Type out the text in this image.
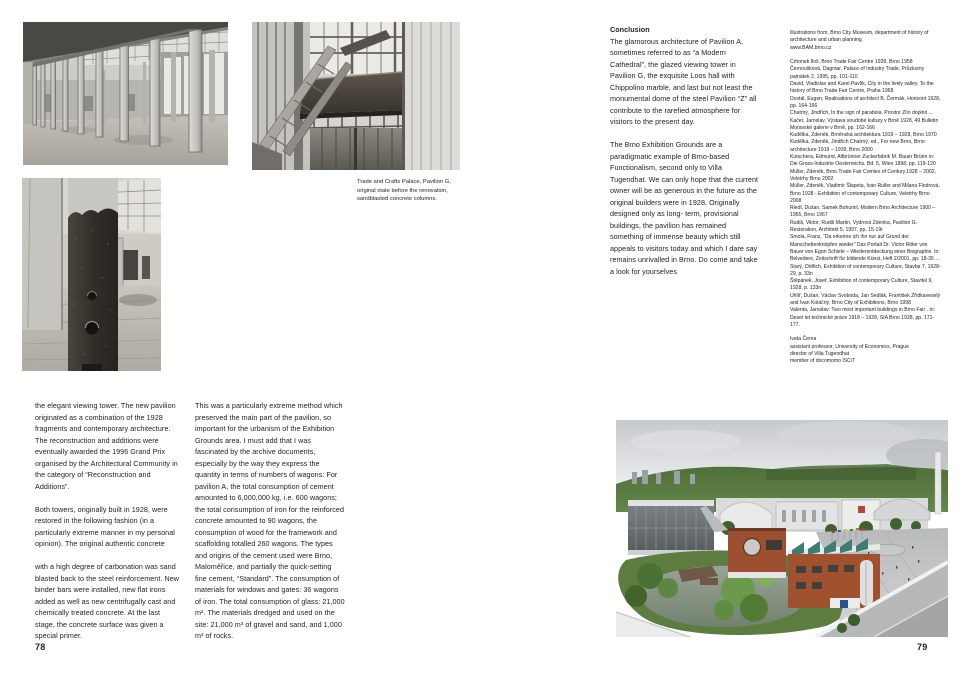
Trade and Crafts Palace, Pavilion G, original state before the renovation, sandblasted concrete columns.

the elegant viewing tower. The new pavilion originated as a combination of the 1928 fragments and contemporary architecture. The reconstruction and additions were eventually awarded the 1996 Grand Prix organised by the Architectural Community in the category of “Reconstruction and Additions”.

Both towers, originally built in 1928, were restored in the following fashion (in a particularly extreme manner in my personal opinion). The original authentic concrete

with a high degree of carbonation was sand blasted back to the steel reinforcement. New binder bars were installed, new flat irons added as well as new centrifugally cast and chemically treated concrete. At the last stage, the concrete surface was given a special primer.

This was a particularly extreme method which preserved the main part of the pavilion, so important for the urbanism of the Exhibition Grounds area. I must add that I was fascinated by the archive documents, especially by the way they express the quantity in terms of numbers of wagons: For pavilion A, the total consumption of cement amounted to 6,000,000 kg, i.e. 600 wagons; the total consumption of iron for the reinforced concrete amounted to 90 wagons, the consumption of wood for the framework and scaffolding totalled 260 wagons. The types and origins of the cement used were Brno, Maloměřice, and partially the quick-setting fine cement, “Standard”. The consumption of materials for windows and gates: 36 wagons of iron. The total consumption of glass: 21,000 m². The materials dredged and used on the site: 21,000 m³ of gravel and sand, and 1,000 m³ of rocks.

78

Conclusion

The glamorous architecture of Pavilion A, sometimes referred to as “a Modern Cathedral”, the glazed viewing tower in Pavilion G, the exquisite Loos hall with Chippolino marble, and last but not least the monumental dome of the steel Pavilion “Z” all contribute to the rarefied atmosphere for visitors to the present day.

The Brno Exhibition Grounds are a paradigmatic example of Brno-based Functionalism, second only to Villa Tugendhat. We can only hope that the current owner will be as generous in the future as the original builders were in 1928. Originally designed only as long- term, provisional buildings, the pavilion has remained something of immense beauty which still appeals to visitors today and which I dare say remains unrivalled in Brno. Do come and take a look for yourselves

Illustrations from, Brno City Museum, department of history of architecture and urban planning

www.BAM.brno.cz

Crhonek Iloš, Brno Trade Fair Centre 1928, Brno 1958

Černoušková, Dagmar, Palace of Industry Trade, Průzkumy památek 2, 1995, pp. 101-110

David, Vladislav and Karel Pavlík, City in the lively valley. To the history of Brno Trade Fair Centre, Praha 1968

Dostál, Eugen, Realisations of architect B. Čermák, Horizont 1928, pp. 164-166

Chatrný, Jindřich, In the sign of parabola. Prostor Zlín doplnit ...

Kačer, Jaroslav, Výstava soudobé kultury v Brně 1928, 49 Bulletin Moravské galerie v Brně, pp. 162-166

Kudělka, Zdeněk, Brněnská architektura 1919 – 1928, Brno 1970

Kudělka, Zdeněk, Jindřich Chatrný, ed., For new Brno, Brno architecture 1919 – 1939, Brno 2000

Kutschera, Edmund, Altbrünner Zuckerfabrik M. Bauer Brünn in: Die Gross-Industrie Oesterreichs, Bd. 5, Wien 1898, pp. 119-120

Müller, Zdeněk, Brno Trade Fair Comlex of Century.1928 – 2002, Veletrhy Brno 2002

Müller, Zdeněk, Vladimír Šlapeta, Ivan Ruller and Milana Flodrová, Brno 1928 - Exhibition of contemporary Culture, Veletrhy Brno 2008

Riedl, Dušan, Samek Bohumil, Modern Brno Architecture 1900 – 1965, Brno 1967

Rudiš, Viktor, Rudiš Martin, Vydrová Zdenka, Pavilion G. Restoration, Architekt 5, 1997, pp. 15-19r

Smola, Franz, “Da erkenne ich ihn nur auf Grund der Manschettenknöpfen wieder” Das Portait Dr. Victor Ritter von Bauer von Egon Schiele – Wiederentdeckung einer Biographie. In: Belvedere, Zeitschrift für bildende Künst, Heft 2/2001, pp. 18-35 ...

Starý, Oldřich, Exhibition of contemporary Culture, Stavba 7, 1928-29, p. 33n

Štěpánek, Josef, Exhibition of contemporary Culture, Stavitel 9, 1928, p. 133n

Uhlíř, Dušan, Václav Svoboda, Jan Sedlák, František Zřídkaveselý and Ivan Koláčný, Brno City of Exhibitions, Brno 1998

Valenta, Jaroslav: Two most important buildings in Brno Fair . In: Deset let technické práce 1918 – 1928, SIA Brno 1928, pp. 171-177.

Iveta Černa

assistant professor, University of Economics, Prague

director of Villa Tugendhat

member of docomomo ISC/T

79
